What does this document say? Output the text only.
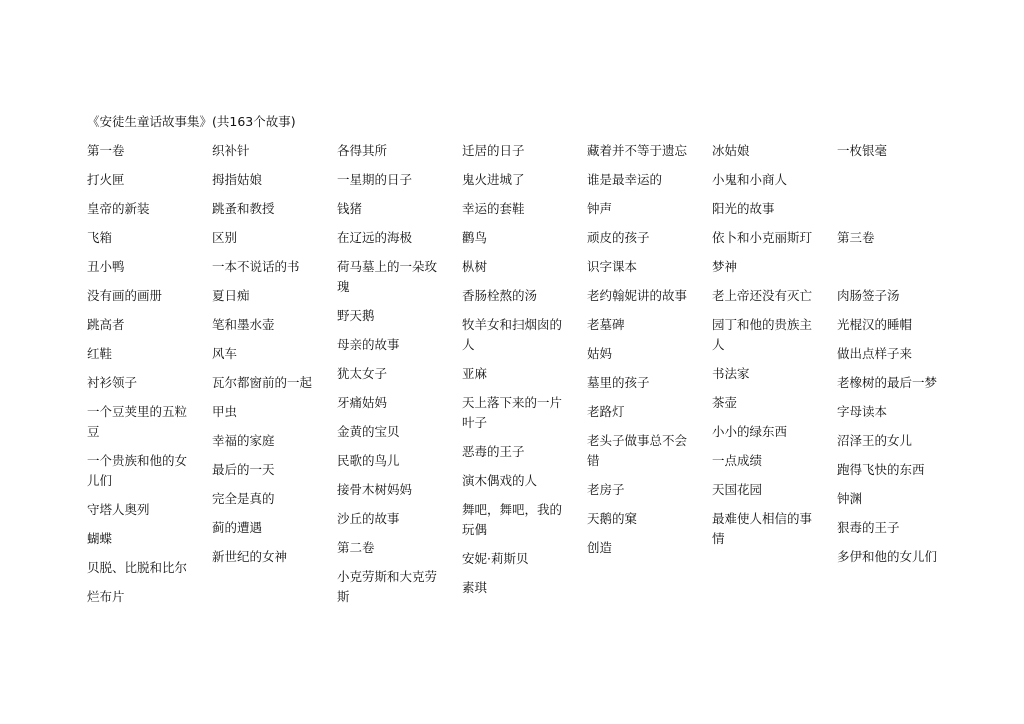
《安徒生童话故事集》(共163个故事)
第一卷
打火匣
皇帝的新装
飞箱
丑小鸭
没有画的画册
跳高者
红鞋
衬衫领子
一个豆荚里的五粒豆
一个贵族和他的女儿们
守塔人奥列
蝴蝶
贝脱、比脱和比尔
烂布片
织补针
拇指姑娘
跳蚤和教授
区别
一本不说话的书
夏日痴
笔和墨水壶
风车
瓦尔都窗前的一起
甲虫
幸福的家庭
最后的一天
完全是真的
蓟的遭遇
新世纪的女神
各得其所
一星期的日子
钱猪
在辽远的海极
荷马墓上的一朵玫瑰
野天鹅
母亲的故事
犹太女子
牙痛姑妈
金黄的宝贝
民歌的鸟儿
接骨木树妈妈
沙丘的故事
第二卷
小克劳斯和大克劳斯
迁居的日子
鬼火进城了
幸运的套鞋
鹳鸟
枞树
香肠栓熬的汤
牧羊女和扫烟囱的人
亚麻
天上落下来的一片叶子
恶毒的王子
演木偶戏的人
舞吧，舞吧，我的玩偶
安妮·莉斯贝
素琪
藏着并不等于遗忘
谁是最幸运的
钟声
顽皮的孩子
识字课本
老约翰妮讲的故事
老墓碑
姑妈
墓里的孩子
老路灯
老头子做事总不会错
老房子
天鹅的窠
创造
冰姑娘
小鬼和小商人
阳光的故事
依卜和小克丽斯玎
梦神
老上帝还没有灭亡
园丁和他的贵族主人
书法家
茶壶
小小的绿东西
一点成绩
天国花园
最难使人相信的事情
一枚银毫
第三卷
肉肠签子汤
光棍汉的睡帽
做出点样子来
老橡树的最后一梦
字母读本
沼泽王的女儿
跑得飞快的东西
钟渊
狠毒的王子
多伊和他的女儿们
